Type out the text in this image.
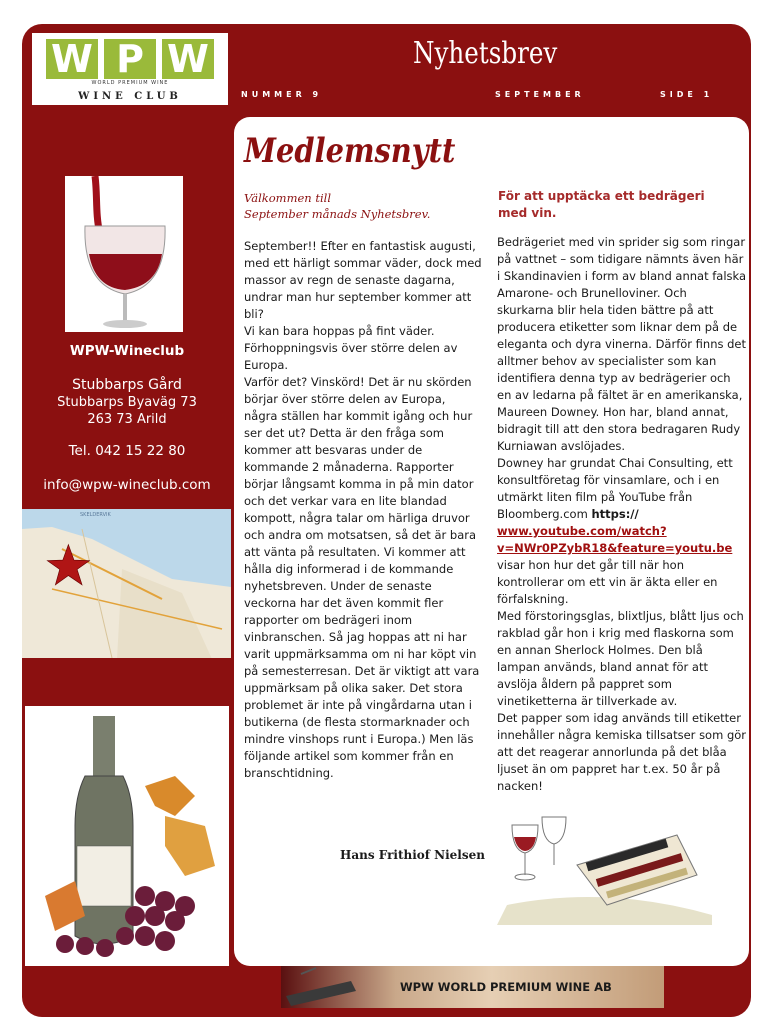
W P W
WORLD PREMIUM WINE
WINE CLUB
Nyhetsbrev
NUMMER 9	SEPTEMBER	SIDE 1
WPW-Wineclub
Stubbarps Gård
Stubbarps Byaväg 73
263 73 Arild
Tel. 042 15 22 80
info@wpw-wineclub.com
SKELDERVIK
Medlemsnytt
Välkommen till
September månads Nyhetsbrev.

September!! Efter en fantastisk augusti, med ett härligt sommar väder, dock med massor av regn de senaste dagarna, undrar man hur september kommer att bli?

Vi kan bara hoppas på fint väder. Förhoppningsvis över större delen av Europa.

Varför det? Vinskörd! Det är nu skörden börjar över större delen av Europa, några ställen har kommit igång och hur ser det ut? Detta är den fråga som kommer att besvaras under de kommande 2 månaderna. Rapporter börjar långsamt komma in på min dator och det verkar vara en lite blandad kompott, några talar om härliga druvor och andra om motsatsen, så det är bara att vänta på resultaten. Vi kommer att hålla dig informerad i de kommande nyhetsbreven. Under de senaste veckorna har det även kommit fler rapporter om bedrägeri inom vinbranschen. Så jag hoppas att ni har varit uppmärksamma om ni har köpt vin på semesterresan. Det är viktigt att vara uppmärksam på olika saker. Det stora problemet är inte på vingårdarna utan i butikerna (de flesta stormarknader och mindre vinshops runt i Europa.) Men läs följande artikel som kommer från en branschtidning.

Hans Frithiof Nielsen
För att upptäcka ett bedrägeri med vin.

Bedrägeriet med vin sprider sig som ringar på vattnet – som tidigare nämnts även här i Skandinavien i form av bland annat falska Amarone- och Brunelloviner. Och skurkarna blir hela tiden bättre på att producera etiketter som liknar dem på de eleganta och dyra vinerna. Därför finns det alltmer behov av specialister som kan identifiera denna typ av bedrägerier och en av ledarna på fältet är en amerikanska, Maureen Downey. Hon har, bland annat, bidragit till att den stora bedragaren Rudy Kurniawan avslöjades.

Downey har grundat Chai Consulting, ett konsultföretag för vinsamlare, och i en utmärkt liten film på YouTube från Bloomberg.com https:// www.youtube.com/watch?v=NWr0PZybR18&feature=youtu.be

visar hon hur det går till när hon kontrollerar om ett vin är äkta eller en förfalskning.

Med förstoringsglas, blixtljus, blått ljus och rakblad går hon i krig med flaskorna som en annan Sherlock Holmes. Den blå lampan används, bland annat för att avslöja åldern på pappret som vinetiketterna är tillverkade av.

Det papper som idag används till etiketter innehåller några kemiska tillsatser som gör att det reagerar annorlunda på det blåa ljuset än om pappret har t.ex. 50 år på nacken!

WPW WORLD PREMIUM WINE AB
